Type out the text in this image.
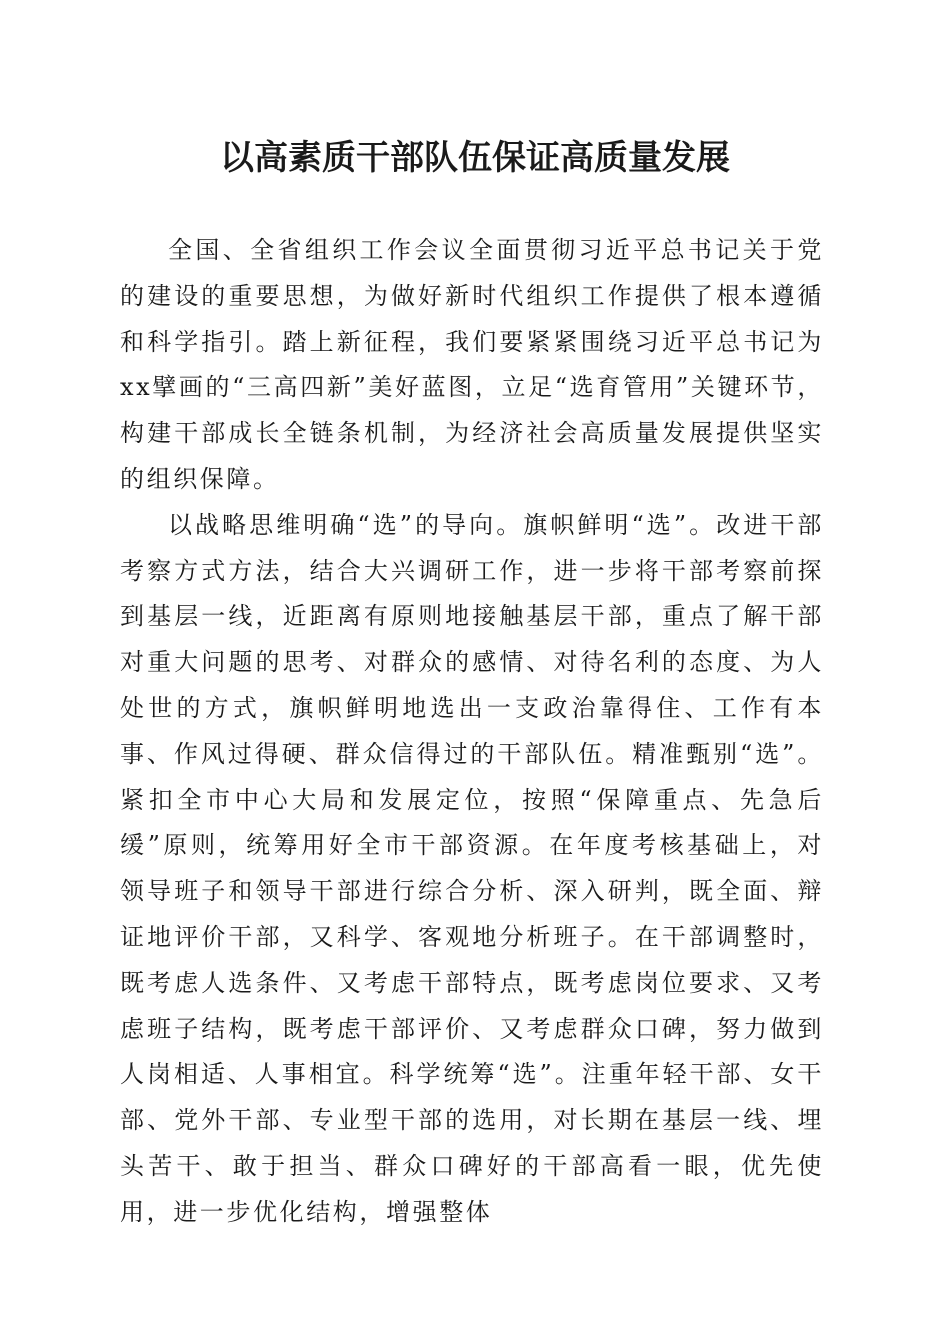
以高素质干部队伍保证高质量发展

全国、全省组织工作会议全面贯彻习近平总书记关于党的建设的重要思想，为做好新时代组织工作提供了根本遵循和科学指引。踏上新征程，我们要紧紧围绕习近平总书记为xx擘画的“三高四新”美好蓝图，立足“选育管用”关键环节，构建干部成长全链条机制，为经济社会高质量发展提供坚实的组织保障。

以战略思维明确“选”的导向。旗帜鲜明“选”。改进干部考察方式方法，结合大兴调研工作，进一步将干部考察前探到基层一线，近距离有原则地接触基层干部，重点了解干部对重大问题的思考、对群众的感情、对待名利的态度、为人处世的方式，旗帜鲜明地选出一支政治靠得住、工作有本事、作风过得硬、群众信得过的干部队伍。精准甄别“选”。紧扣全市中心大局和发展定位，按照“保障重点、先急后缓”原则，统筹用好全市干部资源。在年度考核基础上，对领导班子和领导干部进行综合分析、深入研判，既全面、辩证地评价干部，又科学、客观地分析班子。在干部调整时，既考虑人选条件、又考虑干部特点，既考虑岗位要求、又考虑班子结构，既考虑干部评价、又考虑群众口碑，努力做到人岗相适、人事相宜。科学统筹“选”。注重年轻干部、女干部、党外干部、专业型干部的选用，对长期在基层一线、埋头苦干、敢于担当、群众口碑好的干部高看一眼，优先使用，进一步优化结构，增强整体
